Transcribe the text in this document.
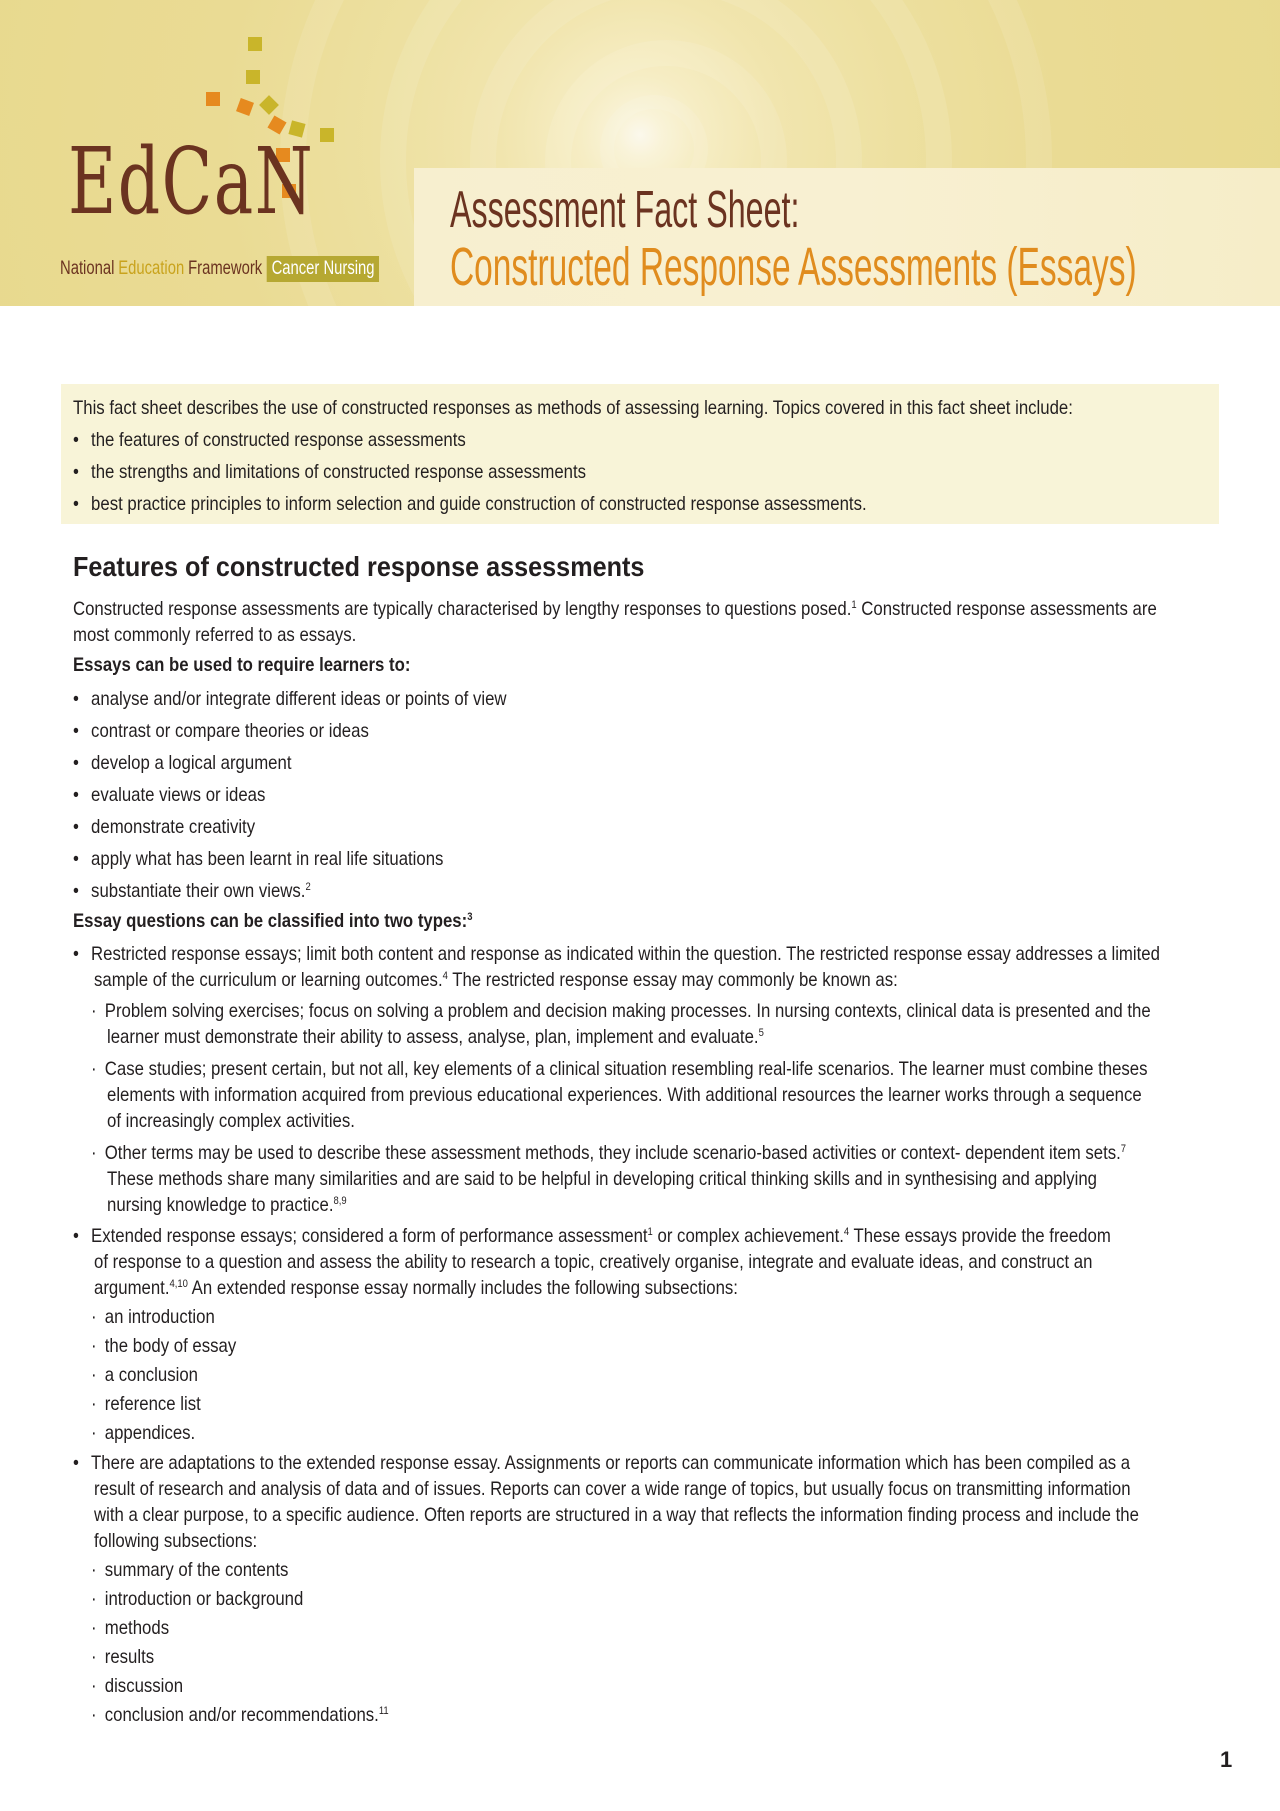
EdCaN
National Education Framework Cancer Nursing
Assessment Fact Sheet:
Constructed Response Assessments (Essays)
This fact sheet describes the use of constructed responses as methods of assessing learning. Topics covered in this fact sheet include:
• the features of constructed response assessments
• the strengths and limitations of constructed response assessments
• best practice principles to inform selection and guide construction of constructed response assessments.
Features of constructed response assessments
Constructed response assessments are typically characterised by lengthy responses to questions posed.$^1$ Constructed response assessments are
most commonly referred to as essays.
Essays can be used to require learners to:
• analyse and/or integrate different ideas or points of view
• contrast or compare theories or ideas
• develop a logical argument
• evaluate views or ideas
• demonstrate creativity
• apply what has been learnt in real life situations
• substantiate their own views.$^2$
Essay questions can be classified into two types:$^3$
• Restricted response essays; limit both content and response as indicated within the question. The restricted response essay addresses a limited
sample of the curriculum or learning outcomes.$^4$ The restricted response essay may commonly be known as:
· Problem solving exercises; focus on solving a problem and decision making processes. In nursing contexts, clinical data is presented and the
learner must demonstrate their ability to assess, analyse, plan, implement and evaluate.$^5$
· Case studies; present certain, but not all, key elements of a clinical situation resembling real-life scenarios. The learner must combine theses
elements with information acquired from previous educational experiences. With additional resources the learner works through a sequence
of increasingly complex activities.
· Other terms may be used to describe these assessment methods, they include scenario-based activities or context- dependent item sets.$^7$
These methods share many similarities and are said to be helpful in developing critical thinking skills and in synthesising and applying
nursing knowledge to practice.$^{8,9}$
• Extended response essays; considered a form of performance assessment$^1$ or complex achievement.$^4$ These essays provide the freedom
of response to a question and assess the ability to research a topic, creatively organise, integrate and evaluate ideas, and construct an
argument.$^{4,10}$ An extended response essay normally includes the following subsections:
· an introduction
· the body of essay
· a conclusion
· reference list
· appendices.
• There are adaptations to the extended response essay. Assignments or reports can communicate information which has been compiled as a
result of research and analysis of data and of issues. Reports can cover a wide range of topics, but usually focus on transmitting information
with a clear purpose, to a specific audience. Often reports are structured in a way that reflects the information finding process and include the
following subsections:
· summary of the contents
· introduction or background
· methods
· results
· discussion
· conclusion and/or recommendations.$^{11}$
1
